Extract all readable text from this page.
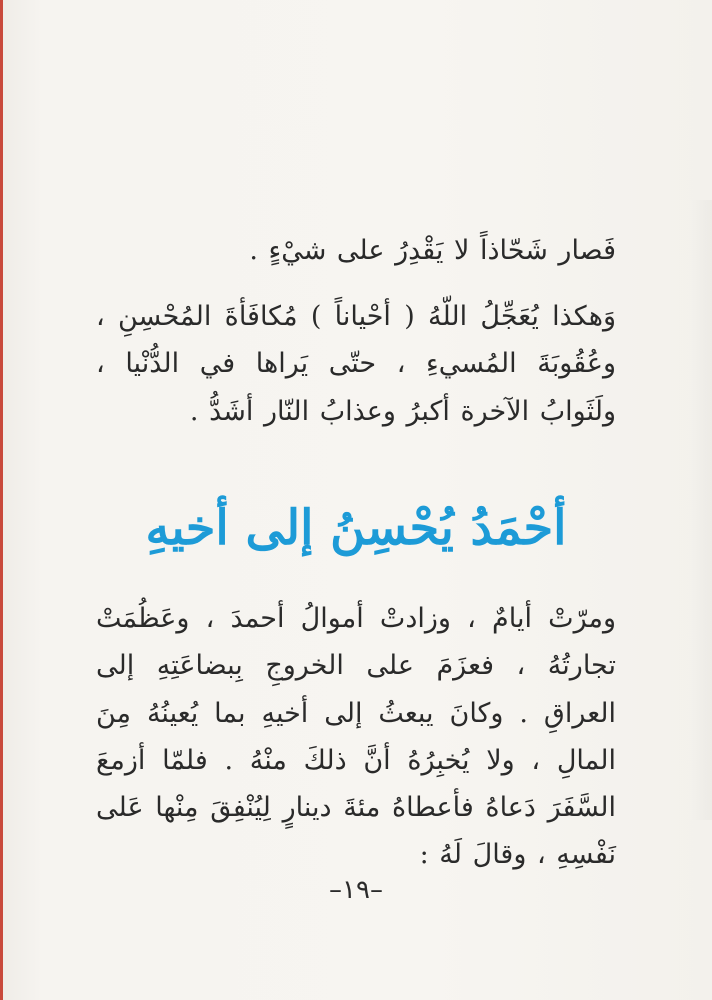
فَصار شَحّاذاً لا يَقْدِرُ على شيْءٍ .

وَهكذا يُعَجِّلُ اللّهُ ( أحْياناً ) مُكافَأةَ المُحْسِنِ ، وعُقُوبَةَ المُسيءِ ، حتّى يَراها في الدُّنْيا ، ولَثَوابُ الآخرة أكبرُ وعذابُ النّار أشَدُّ .

أحْمَدُ يُحْسِنُ إلى أخيهِ

ومرّتْ أيامٌ ، وزادتْ أموالُ أحمدَ ، وعَظُمَتْ تجارتُهُ ، فعزَمَ على الخروجِ بِبضاعَتِهِ إلى العراقِ . وكانَ يبعثُ إلى أخيهِ بما يُعينُهُ مِنَ المالِ ، ولا يُخبِرُهُ أنَّ ذلكَ منْهُ . فلمّا أزمعَ السَّفَرَ دَعاهُ فأعطاهُ مئةَ دينارٍ لِيُنْفِقَ مِنْها عَلى نَفْسِهِ ، وقالَ لَهُ :

–١٩–
